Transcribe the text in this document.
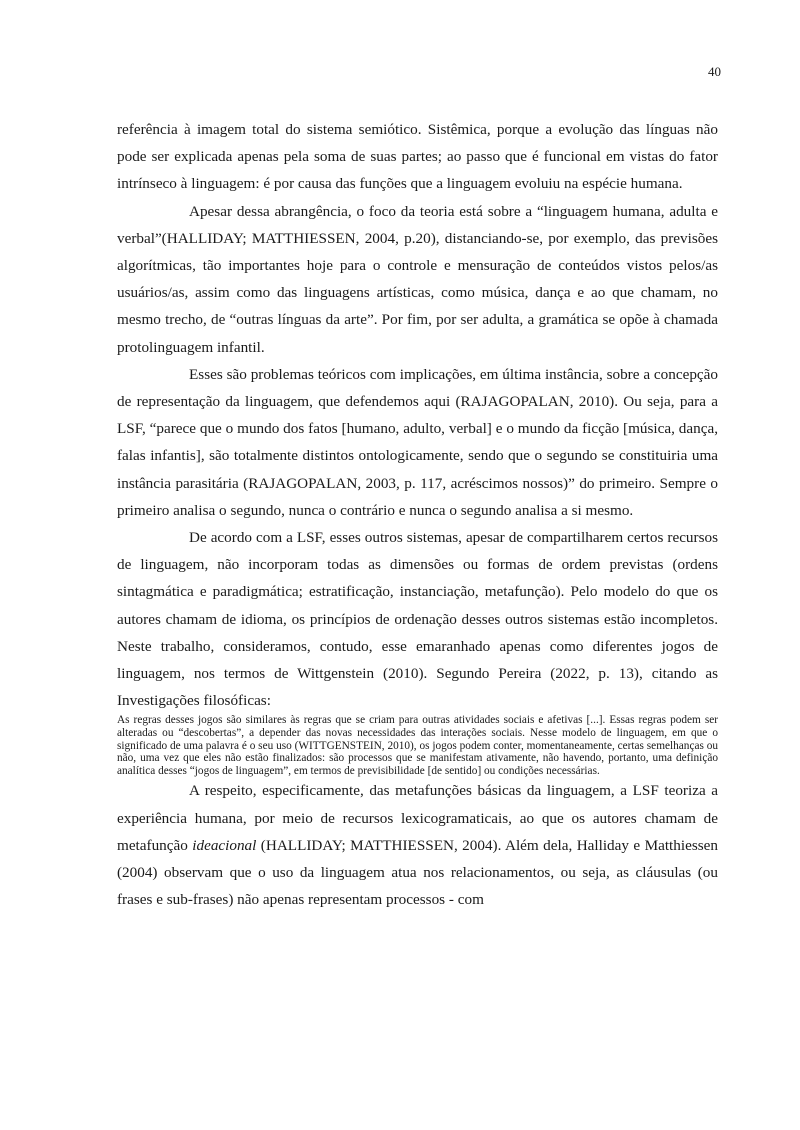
40

referência à imagem total do sistema semiótico. Sistêmica, porque a evolução das línguas não pode ser explicada apenas pela soma de suas partes; ao passo que é funcional em vistas do fator intrínseco à linguagem: é por causa das funções que a linguagem evoluiu na espécie humana.

Apesar dessa abrangência, o foco da teoria está sobre a “linguagem humana, adulta e verbal”(HALLIDAY; MATTHIESSEN, 2004, p.20), distanciando-se, por exemplo, das previsões algorítmicas, tão importantes hoje para o controle e mensuração de conteúdos vistos pelos/as usuários/as, assim como das linguagens artísticas, como música, dança e ao que chamam, no mesmo trecho, de “outras línguas da arte”. Por fim, por ser adulta, a gramática se opõe à chamada protolinguagem infantil.

Esses são problemas teóricos com implicações, em última instância, sobre a concepção de representação da linguagem, que defendemos aqui (RAJAGOPALAN, 2010). Ou seja, para a LSF, “parece que o mundo dos fatos [humano, adulto, verbal] e o mundo da ficção [música, dança, falas infantis], são totalmente distintos ontologicamente, sendo que o segundo se constituiria uma instância parasitária (RAJAGOPALAN, 2003, p. 117, acréscimos nossos)” do primeiro. Sempre o primeiro analisa o segundo, nunca o contrário e nunca o segundo analisa a si mesmo.

De acordo com a LSF, esses outros sistemas, apesar de compartilharem certos recursos de linguagem, não incorporam todas as dimensões ou formas de ordem previstas (ordens sintagmática e paradigmática; estratificação, instanciação, metafunção). Pelo modelo do que os autores chamam de idioma, os princípios de ordenação desses outros sistemas estão incompletos. Neste trabalho, consideramos, contudo, esse emaranhado apenas como diferentes jogos de linguagem, nos termos de Wittgenstein (2010). Segundo Pereira (2022, p. 13), citando as Investigações filosóficas:

As regras desses jogos são similares às regras que se criam para outras atividades sociais e afetivas [...]. Essas regras podem ser alteradas ou “descobertas”, a depender das novas necessidades das interações sociais. Nesse modelo de linguagem, em que o significado de uma palavra é o seu uso (WITTGENSTEIN, 2010), os jogos podem conter, momentaneamente, certas semelhanças ou não, uma vez que eles não estão finalizados: são processos que se manifestam ativamente, não havendo, portanto, uma definição analítica desses “jogos de linguagem”, em termos de previsibilidade [de sentido] ou condições necessárias.

A respeito, especificamente, das metafunções básicas da linguagem, a LSF teoriza a experiência humana, por meio de recursos lexicogramaticais, ao que os autores chamam de metafunção ideacional (HALLIDAY; MATTHIESSEN, 2004). Além dela, Halliday e Matthiessen (2004) observam que o uso da linguagem atua nos relacionamentos, ou seja, as cláusulas (ou frases e sub-frases) não apenas representam processos - com
